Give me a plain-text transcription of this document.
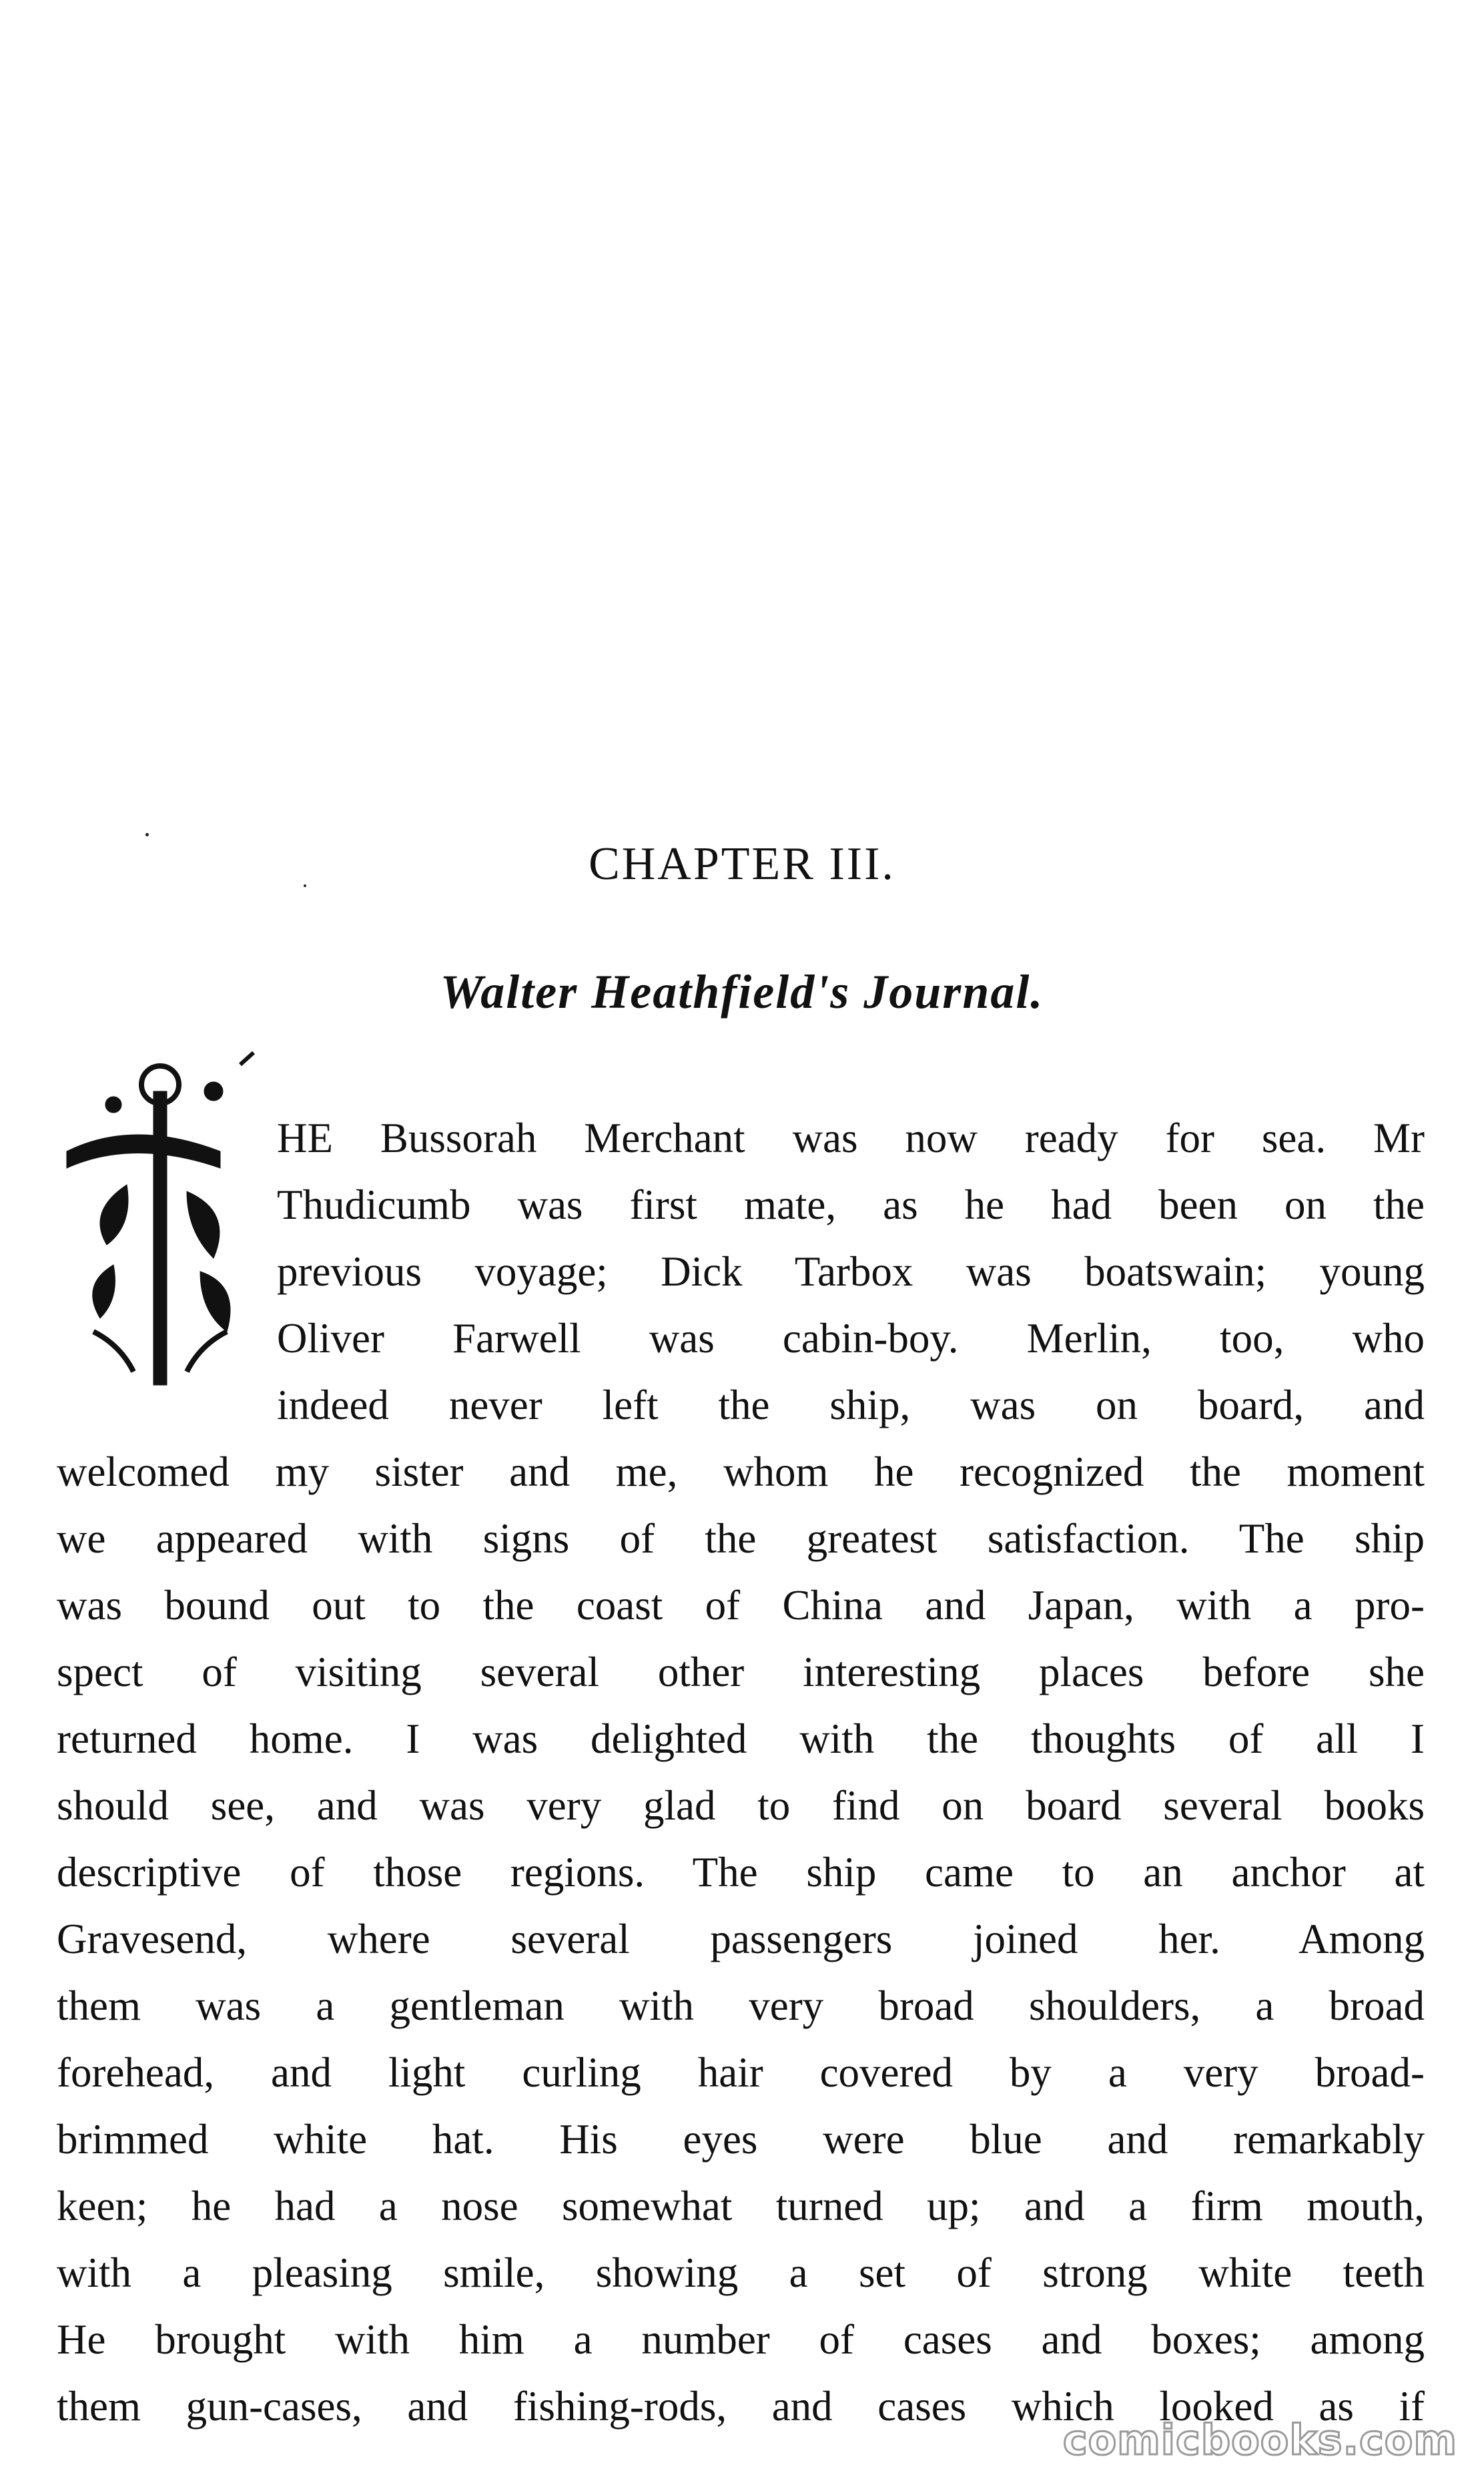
CHAPTER III.
Walter Heathfield's Journal.
HE Bussorah Merchant was now ready for sea. Mr
Thudicumb was first mate, as he had been on the
previous voyage; Dick Tarbox was boatswain; young
Oliver Farwell was cabin-boy. Merlin, too, who
indeed never left the ship, was on board, and
welcomed my sister and me, whom he recognized the moment
we appeared with signs of the greatest satisfaction. The ship
was bound out to the coast of China and Japan, with a pro-
spect of visiting several other interesting places before she
returned home. I was delighted with the thoughts of all I
should see, and was very glad to find on board several books
descriptive of those regions. The ship came to an anchor at
Gravesend, where several passengers joined her. Among
them was a gentleman with very broad shoulders, a broad
forehead, and light curling hair covered by a very broad-
brimmed white hat. His eyes were blue and remarkably
keen; he had a nose somewhat turned up; and a firm mouth,
with a pleasing smile, showing a set of strong white teeth
He brought with him a number of cases and boxes; among
them gun-cases, and fishing-rods, and cases which looked as if
comicbooks.com
